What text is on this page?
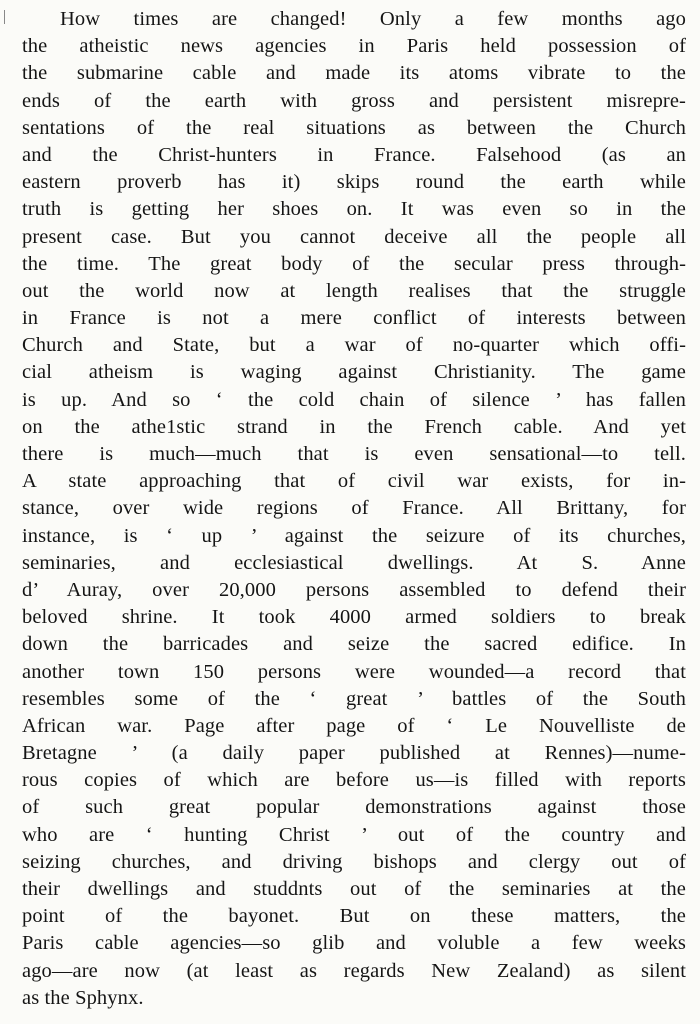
How times are changed! Only a few months ago
the atheistic news agencies in Paris held possession of
the submarine cable and made its atoms vibrate to the
ends of the earth with gross and persistent misrepre-
sentations of the real situations as between the Church
and the Christ-hunters in France. Falsehood (as an
eastern proverb has it) skips round the earth while
truth is getting her shoes on. It was even so in the
present case. But you cannot deceive all the people all
the time. The great body of the secular press through-
out the world now at length realises that the struggle
in France is not a mere conflict of interests between
Church and State, but a war of no-quarter which offi-
cial atheism is waging against Christianity. The game
is up. And so ‘ the cold chain of silence ’ has fallen
on the athe1stic strand in the French cable. And yet
there is much—much that is even sensational—to tell.
A state approaching that of civil war exists, for in-
stance, over wide regions of France. All Brittany, for
instance, is ‘ up ’ against the seizure of its churches,
seminaries, and ecclesiastical dwellings. At S. Anne
d’ Auray, over 20,000 persons assembled to defend their
beloved shrine. It took 4000 armed soldiers to break
down the barricades and seize the sacred edifice. In
another town 150 persons were wounded—a record that
resembles some of the ‘ great ’ battles of the South
African war. Page after page of ‘ Le Nouvelliste de
Bretagne ’ (a daily paper published at Rennes)—nume-
rous copies of which are before us—is filled with reports
of such great popular demonstrations against those
who are ‘ hunting Christ ’ out of the country and
seizing churches, and driving bishops and clergy out of
their dwellings and studdnts out of the seminaries at the
point of the bayonet. But on these matters, the
Paris cable agencies—so glib and voluble a few weeks
ago—are now (at least as regards New Zealand) as silent
as the Sphynx.
